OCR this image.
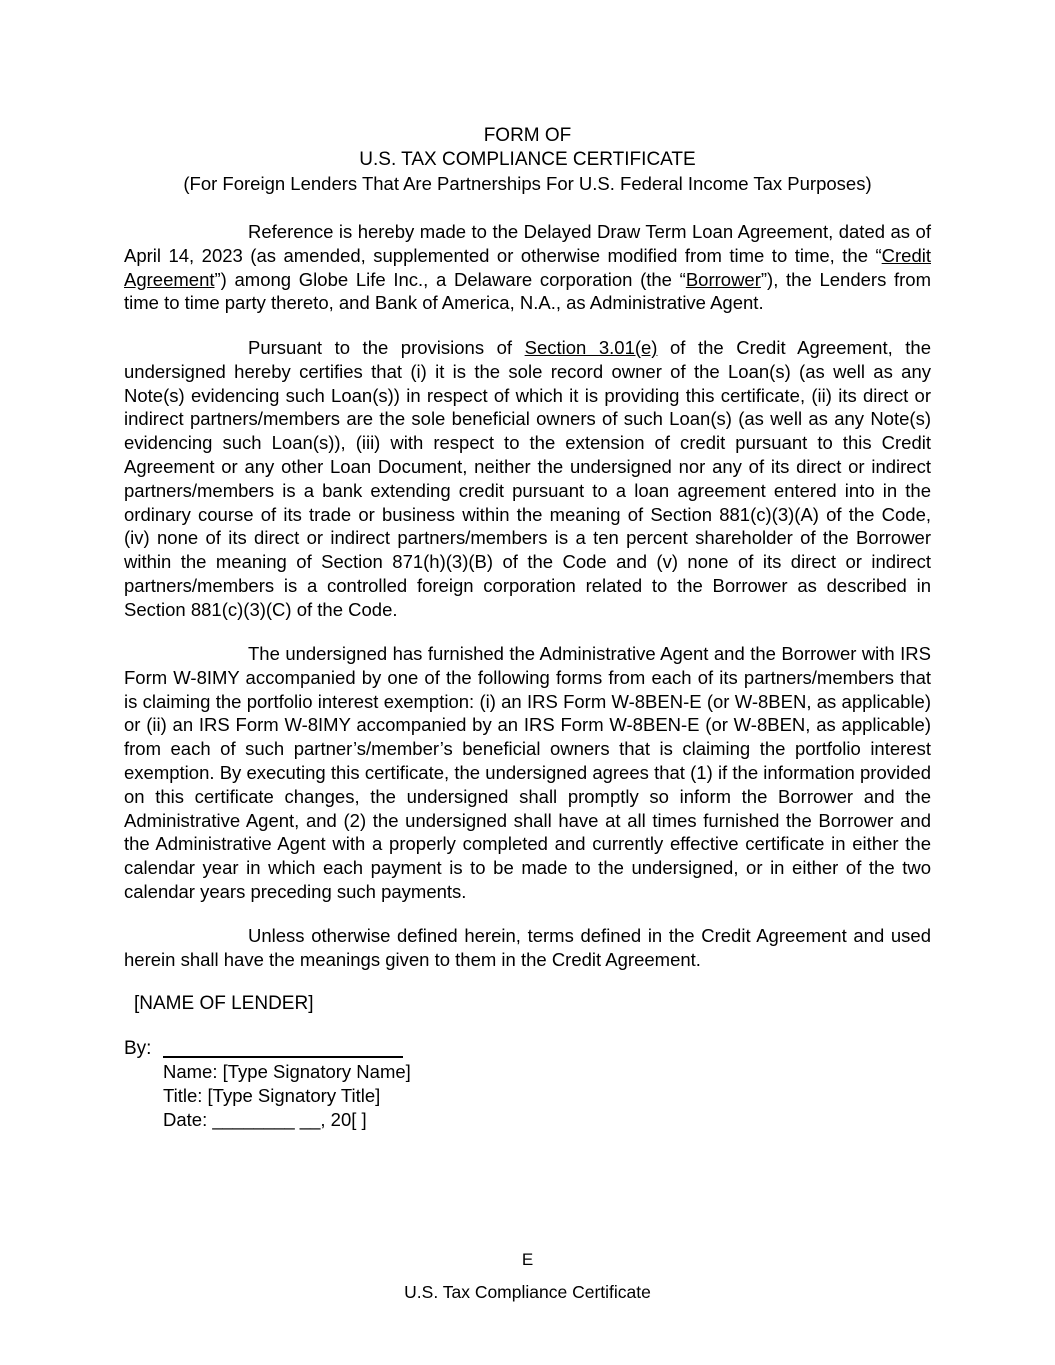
FORM OF
U.S. TAX COMPLIANCE CERTIFICATE
(For Foreign Lenders That Are Partnerships For U.S. Federal Income Tax Purposes)

Reference is hereby made to the Delayed Draw Term Loan Agreement, dated as of April 14, 2023 (as amended, supplemented or otherwise modified from time to time, the “Credit Agreement”) among Globe Life Inc., a Delaware corporation (the “Borrower”), the Lenders from time to time party thereto, and Bank of America, N.A., as Administrative Agent.

Pursuant to the provisions of Section 3.01(e) of the Credit Agreement, the undersigned hereby certifies that (i) it is the sole record owner of the Loan(s) (as well as any Note(s) evidencing such Loan(s)) in respect of which it is providing this certificate, (ii) its direct or indirect partners/members are the sole beneficial owners of such Loan(s) (as well as any Note(s) evidencing such Loan(s)), (iii) with respect to the extension of credit pursuant to this Credit Agreement or any other Loan Document, neither the undersigned nor any of its direct or indirect partners/members is a bank extending credit pursuant to a loan agreement entered into in the ordinary course of its trade or business within the meaning of Section 881(c)(3)(A) of the Code, (iv) none of its direct or indirect partners/members is a ten percent shareholder of the Borrower within the meaning of Section 871(h)(3)(B) of the Code and (v) none of its direct or indirect partners/members is a controlled foreign corporation related to the Borrower as described in Section 881(c)(3)(C) of the Code.

The undersigned has furnished the Administrative Agent and the Borrower with IRS Form W-8IMY accompanied by one of the following forms from each of its partners/members that is claiming the portfolio interest exemption: (i) an IRS Form W-8BEN-E (or W-8BEN, as applicable) or (ii) an IRS Form W-8IMY accompanied by an IRS Form W-8BEN-E (or W-8BEN, as applicable) from each of such partner’s/member’s beneficial owners that is claiming the portfolio interest exemption. By executing this certificate, the undersigned agrees that (1) if the information provided on this certificate changes, the undersigned shall promptly so inform the Borrower and the Administrative Agent, and (2) the undersigned shall have at all times furnished the Borrower and the Administrative Agent with a properly completed and currently effective certificate in either the calendar year in which each payment is to be made to the undersigned, or in either of the two calendar years preceding such payments.

Unless otherwise defined herein, terms defined in the Credit Agreement and used herein shall have the meanings given to them in the Credit Agreement.

[NAME OF LENDER]
By:
Name: [Type Signatory Name]
Title: [Type Signatory Title]
Date: ________ __, 20[ ]
E
U.S. Tax Compliance Certificate
